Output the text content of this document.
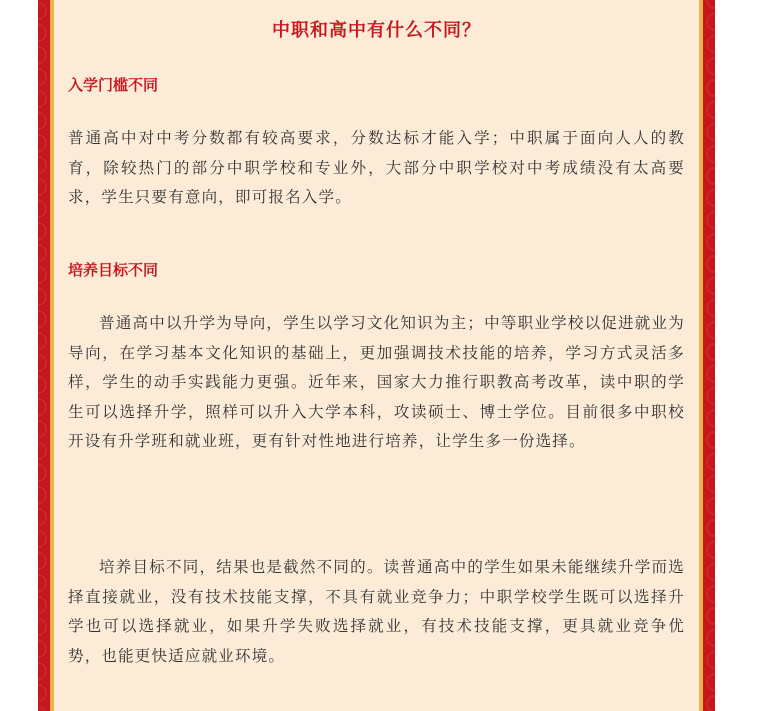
中职和高中有什么不同？
入学门槛不同

普通高中对中考分数都有较高要求，分数达标才能入学；中职属于面向人人的教育，除较热门的部分中职学校和专业外，大部分中职学校对中考成绩没有太高要求，学生只要有意向，即可报名入学。

培养目标不同

普通高中以升学为导向，学生以学习文化知识为主；中等职业学校以促进就业为导向，在学习基本文化知识的基础上，更加强调技术技能的培养，学习方式灵活多样，学生的动手实践能力更强。近年来，国家大力推行职教高考改革，读中职的学生可以选择升学，照样可以升入大学本科，攻读硕士、博士学位。目前很多中职校开设有升学班和就业班，更有针对性地进行培养，让学生多一份选择。

培养目标不同，结果也是截然不同的。读普通高中的学生如果未能继续升学而选择直接就业，没有技术技能支撑，不具有就业竞争力；中职学校学生既可以选择升学也可以选择就业，如果升学失败选择就业，有技术技能支撑，更具就业竞争优势，也能更快适应就业环境。
